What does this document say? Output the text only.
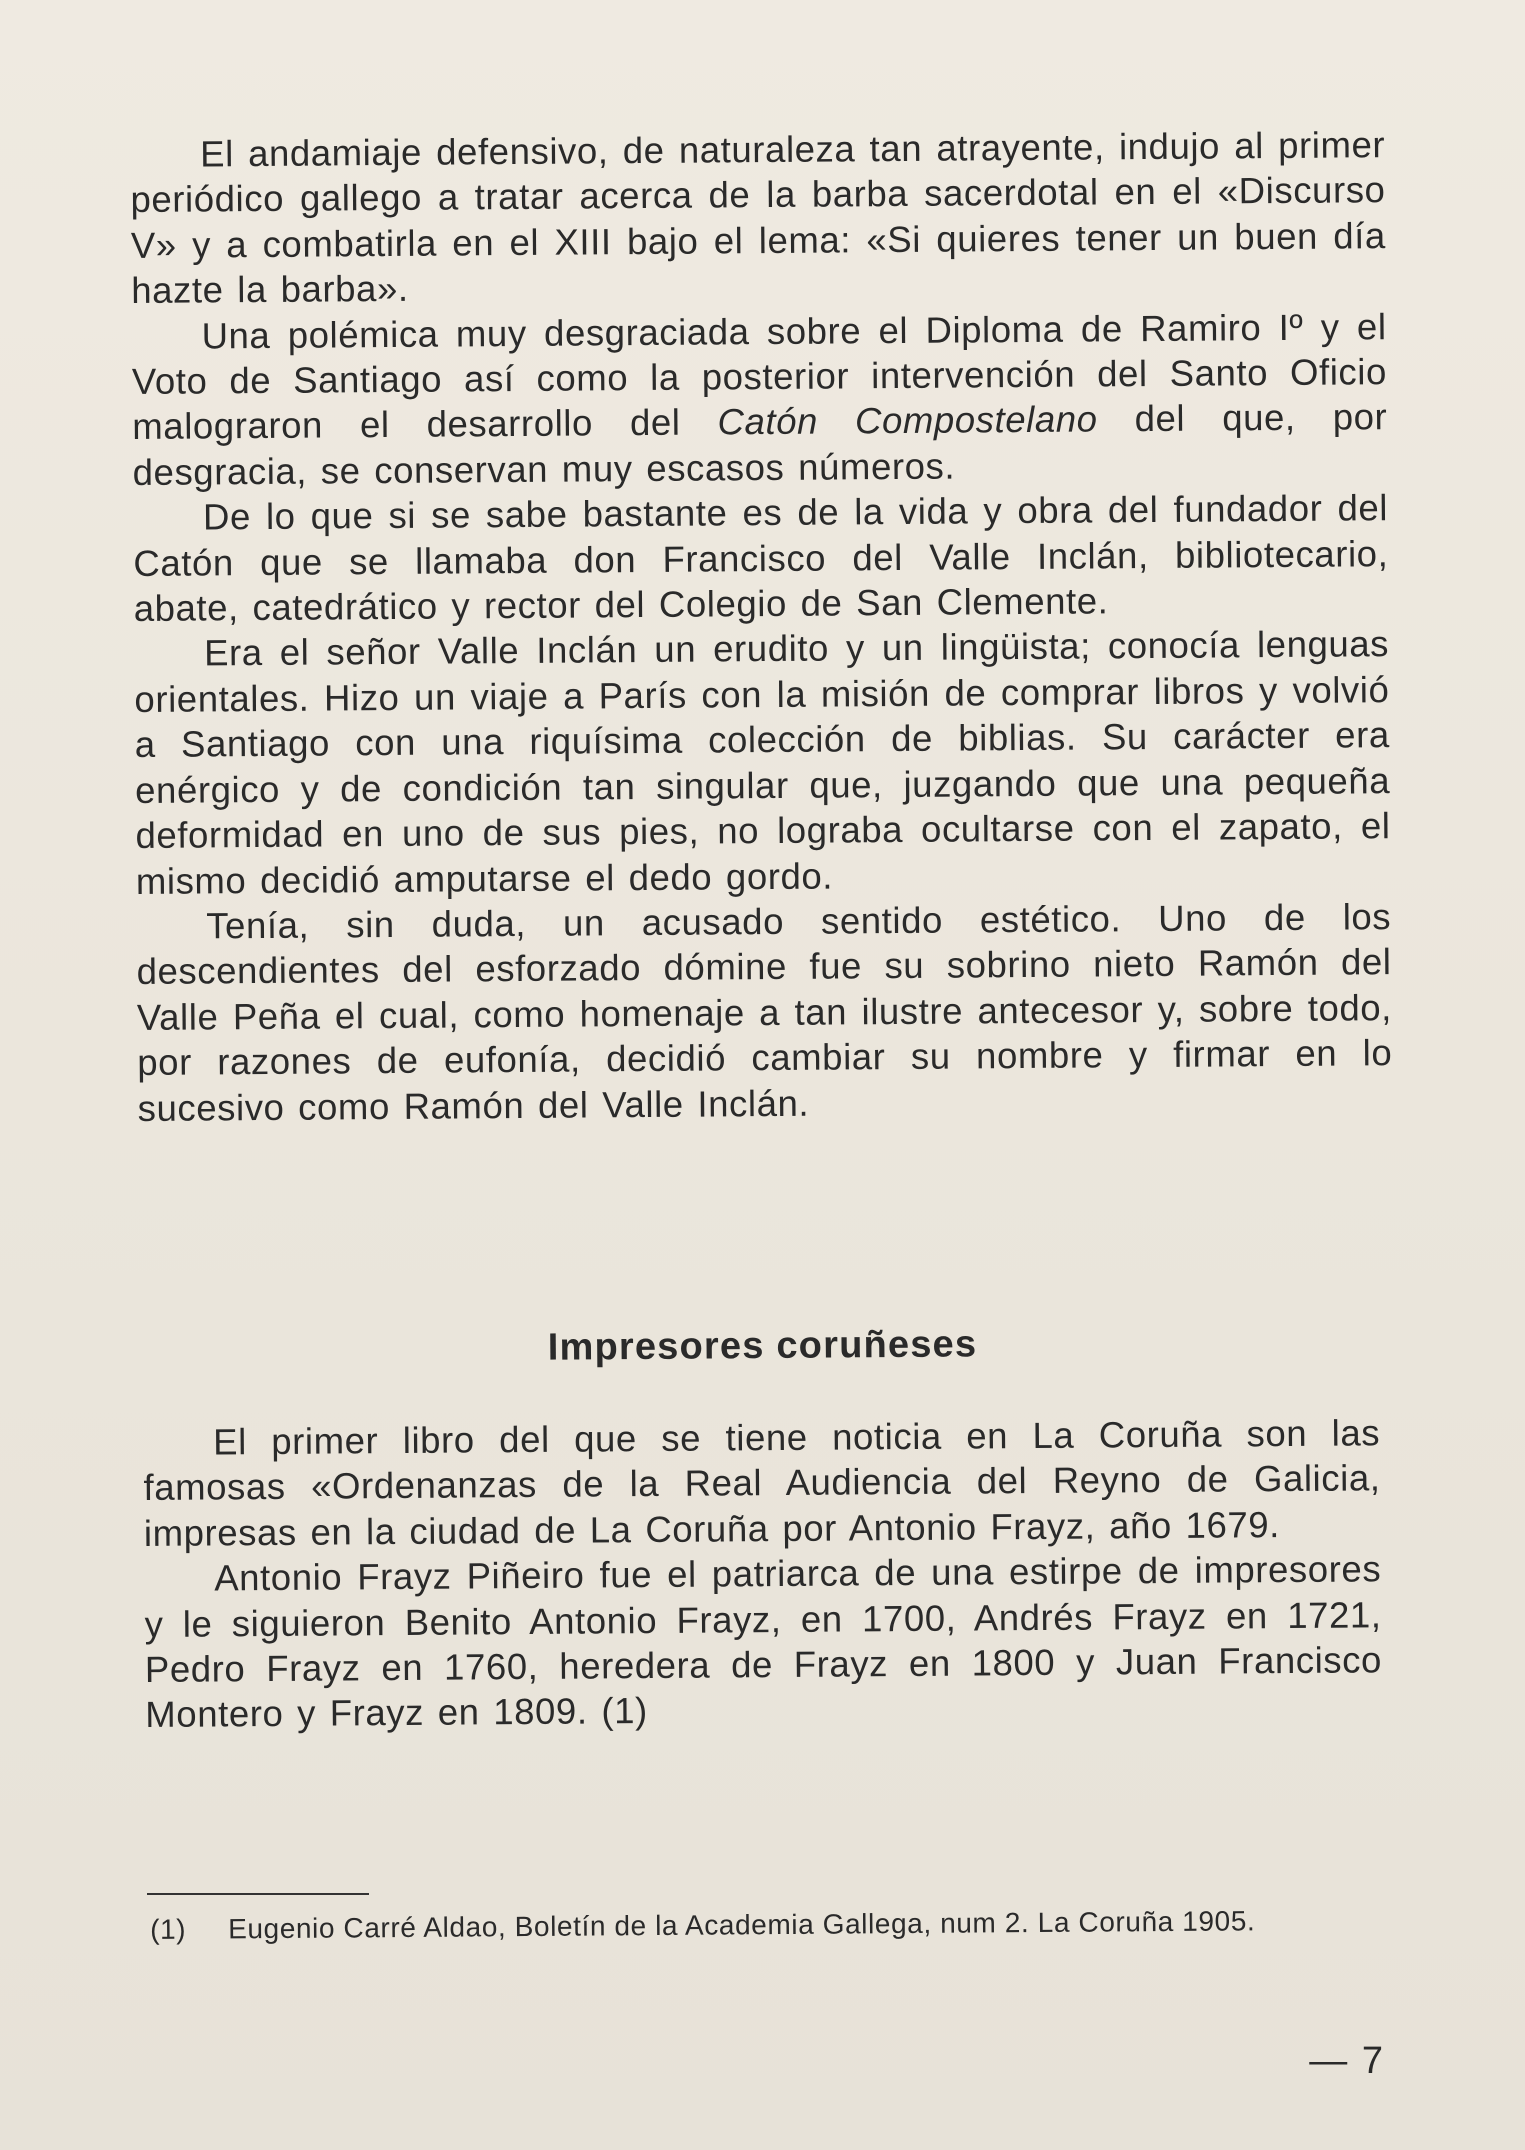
El andamiaje defensivo, de naturaleza tan atrayente, indujo al primer periódico gallego a tratar acerca de la barba sacerdotal en el «Discurso V» y a combatirla en el XIII bajo el lema: «Si quieres tener un buen día hazte la barba».

Una polémica muy desgraciada sobre el Diploma de Ramiro Iº y el Voto de Santiago así como la posterior intervención del Santo Oficio malograron el desarrollo del Catón Compostelano del que, por desgracia, se conservan muy escasos números.

De lo que si se sabe bastante es de la vida y obra del fundador del Catón que se llamaba don Francisco del Valle Inclán, bibliotecario, abate, catedrático y rector del Colegio de San Clemente.

Era el señor Valle Inclán un erudito y un lingüista; conocía lenguas orientales. Hizo un viaje a París con la misión de comprar libros y volvió a Santiago con una riquísima colección de biblias. Su carácter era enérgico y de condición tan singular que, juzgando que una pequeña deformidad en uno de sus pies, no lograba ocultarse con el zapato, el mismo decidió amputarse el dedo gordo.

Tenía, sin duda, un acusado sentido estético. Uno de los descendientes del esforzado dómine fue su sobrino nieto Ramón del Valle Peña el cual, como homenaje a tan ilustre antecesor y, sobre todo, por razones de eufonía, decidió cambiar su nombre y firmar en lo sucesivo como Ramón del Valle Inclán.

Impresores coruñeses

El primer libro del que se tiene noticia en La Coruña son las famosas «Ordenanzas de la Real Audiencia del Reyno de Galicia, impresas en la ciudad de La Coruña por Antonio Frayz, año 1679.

Antonio Frayz Piñeiro fue el patriarca de una estirpe de impresores y le siguieron Benito Antonio Frayz, en 1700, Andrés Frayz en 1721, Pedro Frayz en 1760, heredera de Frayz en 1800 y Juan Francisco Montero y Frayz en 1809. (1)

(1)	Eugenio Carré Aldao, Boletín de la Academia Gallega, num 2. La Coruña 1905.
— 7
